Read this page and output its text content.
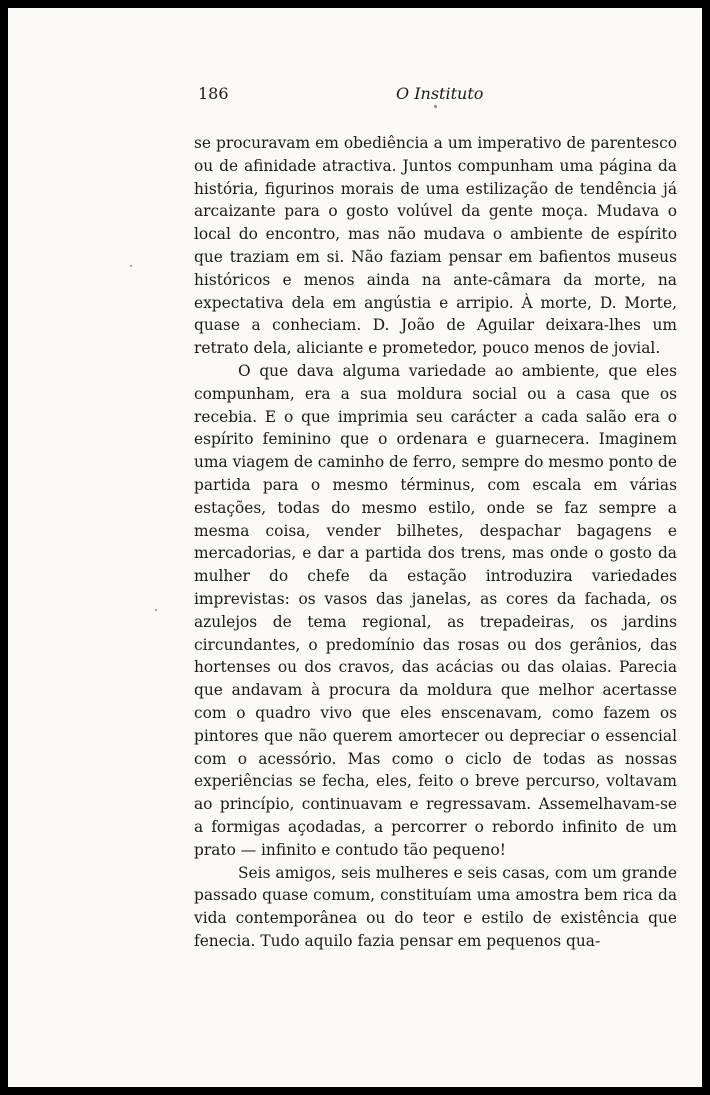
186	O Instituto

se procuravam em obediência a um imperativo de parentesco ou de afinidade atractiva. Juntos compunham uma página da história, figurinos morais de uma estilização de tendência já arcaizante para o gosto volúvel da gente moça. Mudava o local do encontro, mas não mudava o ambiente de espírito que traziam em si. Não faziam pensar em bafientos museus históricos e menos ainda na ante-câmara da morte, na expectativa dela em angústia e arripio. À morte, D. Morte, quase a conheciam. D. João de Aguilar deixara-lhes um retrato dela, aliciante e prometedor, pouco menos de jovial.

O que dava alguma variedade ao ambiente, que eles compunham, era a sua moldura social ou a casa que os recebia. E o que imprimia seu carácter a cada salão era o espírito feminino que o ordenara e guarnecera. Imaginem uma viagem de caminho de ferro, sempre do mesmo ponto de partida para o mesmo términus, com escala em várias estações, todas do mesmo estilo, onde se faz sempre a mesma coisa, vender bilhetes, despachar bagagens e mercadorias, e dar a partida dos trens, mas onde o gosto da mulher do chefe da estação introduzira variedades imprevistas: os vasos das janelas, as cores da fachada, os azulejos de tema regional, as trepadeiras, os jardins circundantes, o predomínio das rosas ou dos gerânios, das hortenses ou dos cravos, das acácias ou das olaias. Parecia que andavam à procura da moldura que melhor acertasse com o quadro vivo que eles enscenavam, como fazem os pintores que não querem amortecer ou depreciar o essencial com o acessório. Mas como o ciclo de todas as nossas experiências se fecha, eles, feito o breve percurso, voltavam ao princípio, continuavam e regressavam. Assemelhavam-se a formigas açodadas, a percorrer o rebordo infinito de um prato — infinito e contudo tão pequeno!

Seis amigos, seis mulheres e seis casas, com um grande passado quase comum, constituíam uma amostra bem rica da vida contemporânea ou do teor e estilo de existência que fenecia. Tudo aquilo fazia pensar em pequenos qua-
